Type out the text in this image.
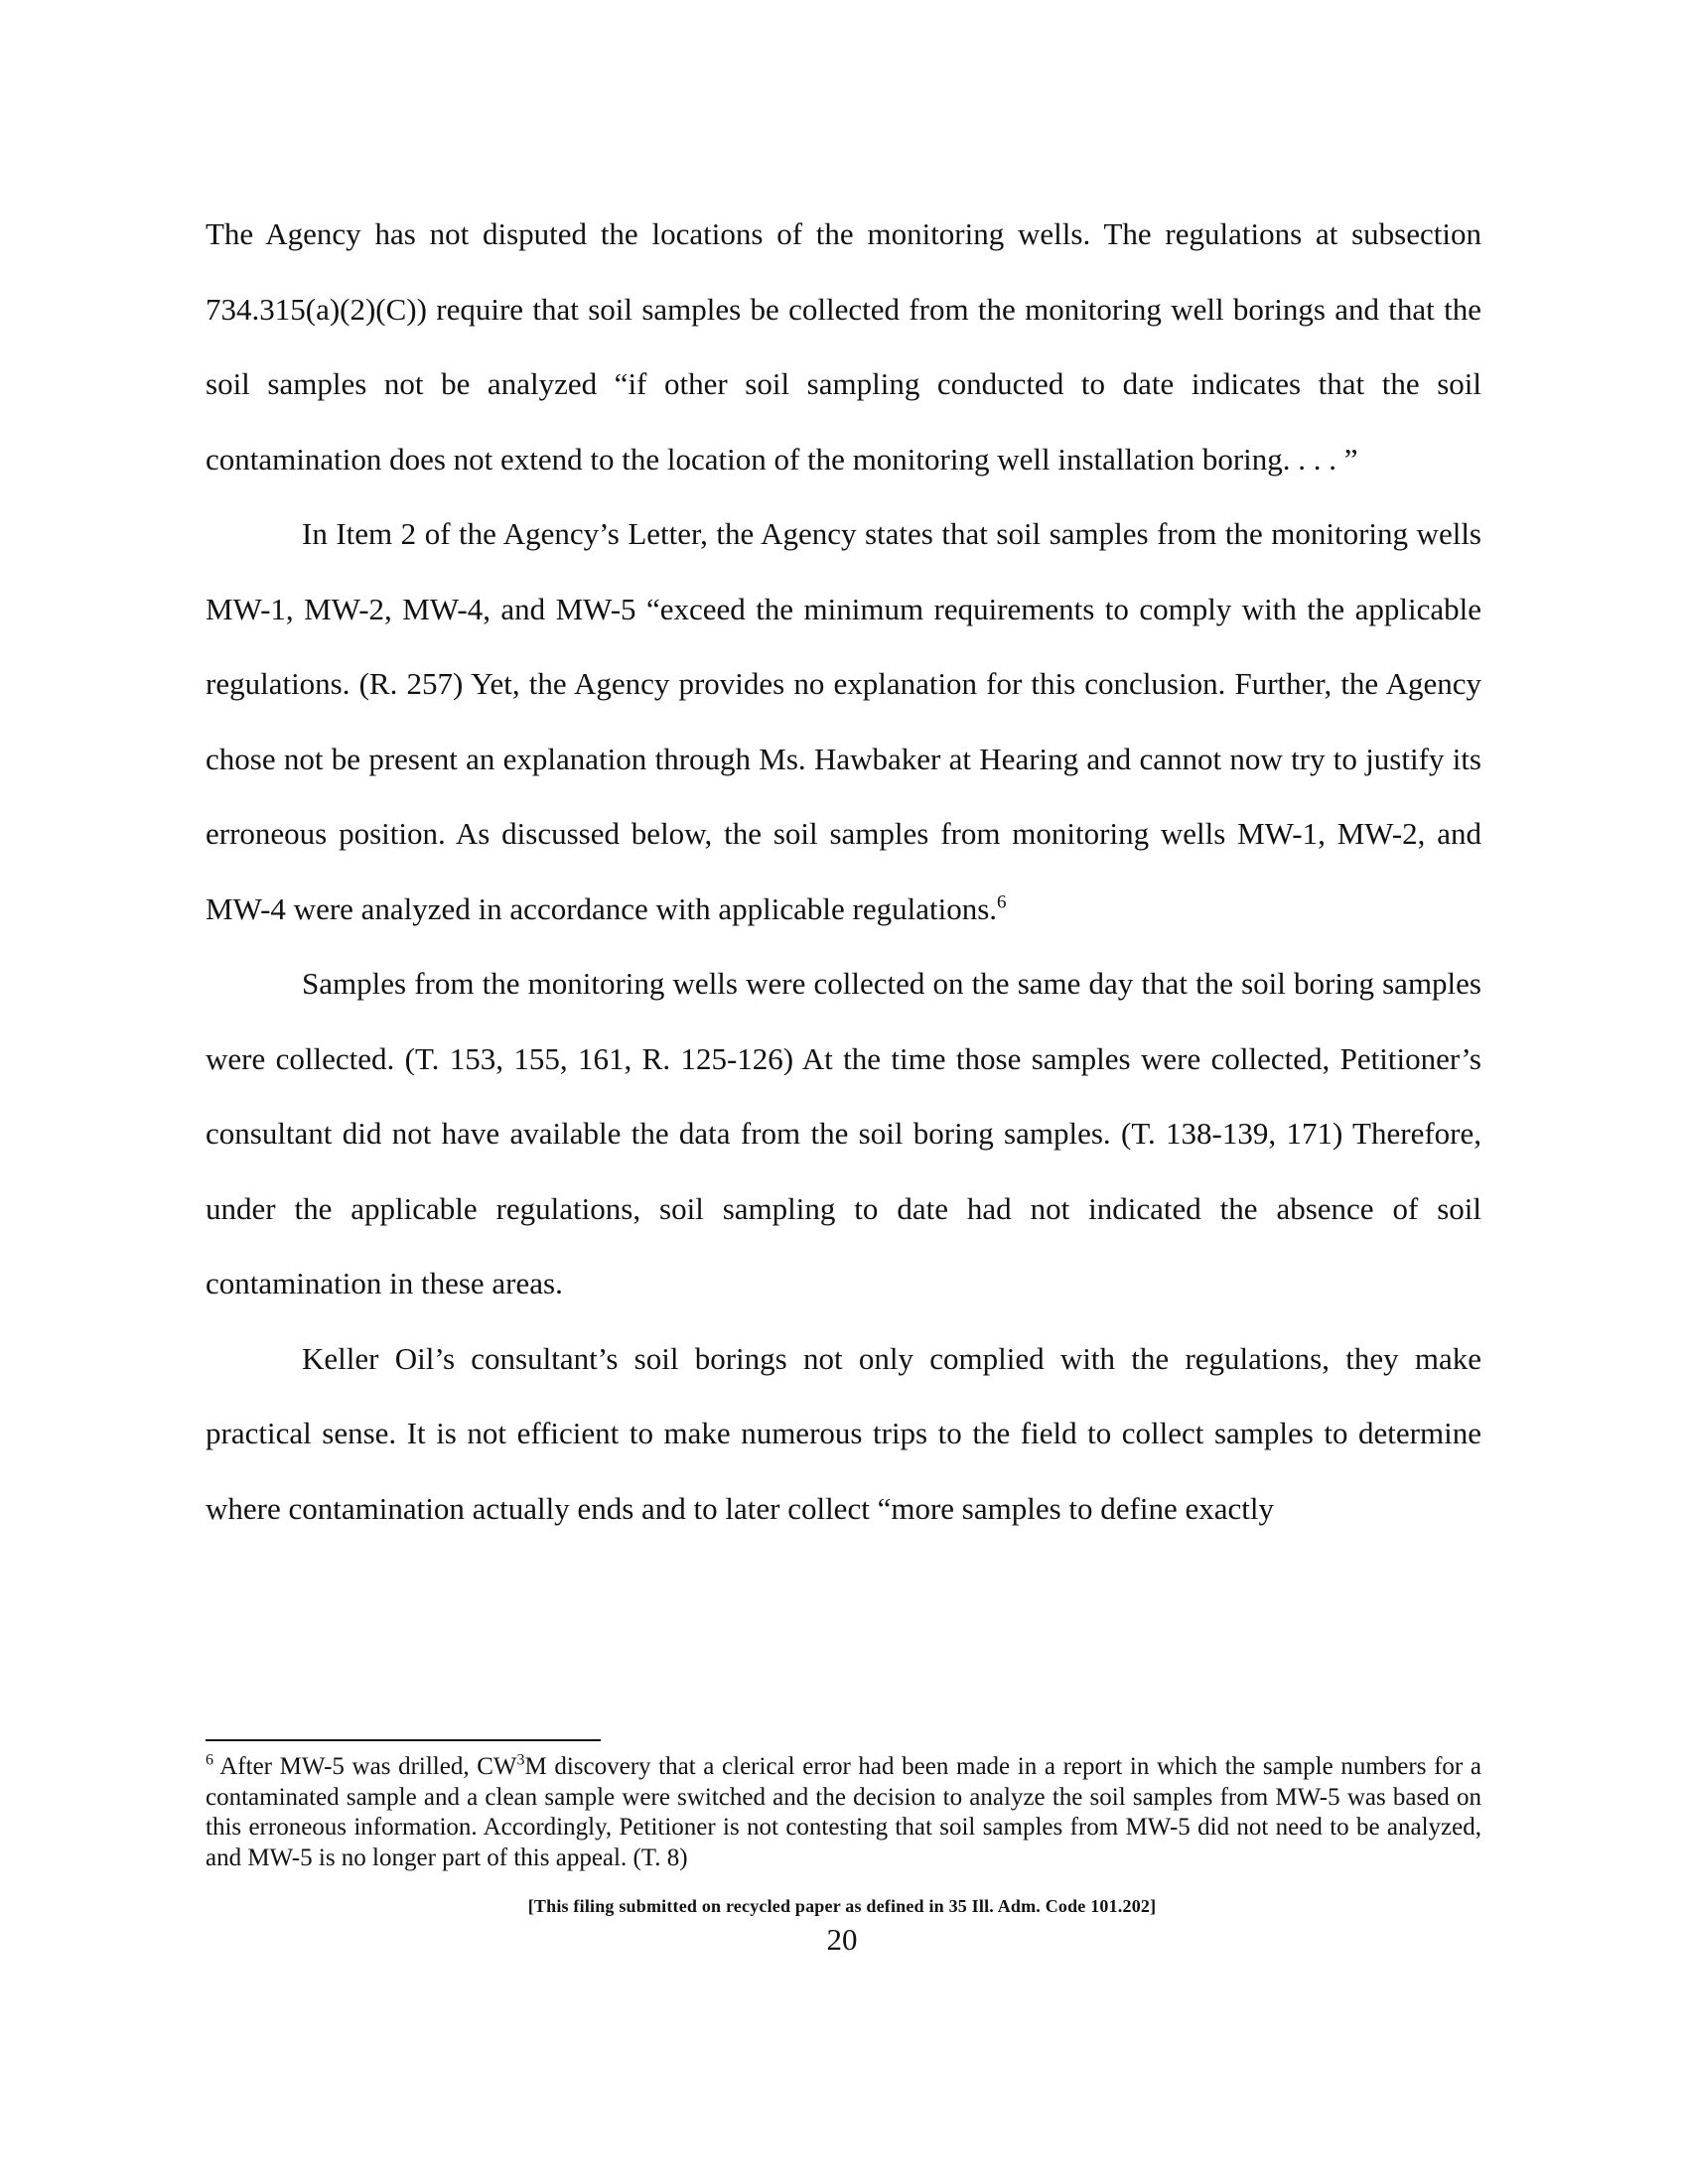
The Agency has not disputed the locations of the monitoring wells. The regulations at subsection 734.315(a)(2)(C)) require that soil samples be collected from the monitoring well borings and that the soil samples not be analyzed “if other soil sampling conducted to date indicates that the soil contamination does not extend to the location of the monitoring well installation boring. . . . ”

In Item 2 of the Agency’s Letter, the Agency states that soil samples from the monitoring wells MW-1, MW-2, MW-4, and MW-5 “exceed the minimum requirements to comply with the applicable regulations. (R. 257) Yet, the Agency provides no explanation for this conclusion. Further, the Agency chose not be present an explanation through Ms. Hawbaker at Hearing and cannot now try to justify its erroneous position. As discussed below, the soil samples from monitoring wells MW-1, MW-2, and MW-4 were analyzed in accordance with applicable regulations.$^6$

Samples from the monitoring wells were collected on the same day that the soil boring samples were collected. (T. 153, 155, 161, R. 125-126) At the time those samples were collected, Petitioner’s consultant did not have available the data from the soil boring samples. (T. 138-139, 171) Therefore, under the applicable regulations, soil sampling to date had not indicated the absence of soil contamination in these areas.

Keller Oil’s consultant’s soil borings not only complied with the regulations, they make practical sense. It is not efficient to make numerous trips to the field to collect samples to determine where contamination actually ends and to later collect “more samples to define exactly

$^6$ After MW-5 was drilled, $CW^3M$ discovery that a clerical error had been made in a report in which the sample numbers for a contaminated sample and a clean sample were switched and the decision to analyze the soil samples from MW-5 was based on this erroneous information. Accordingly, Petitioner is not contesting that soil samples from MW-5 did not need to be analyzed, and MW-5 is no longer part of this appeal. (T. 8)
[This filing submitted on recycled paper as defined in 35 Ill. Adm. Code 101.202]
20
